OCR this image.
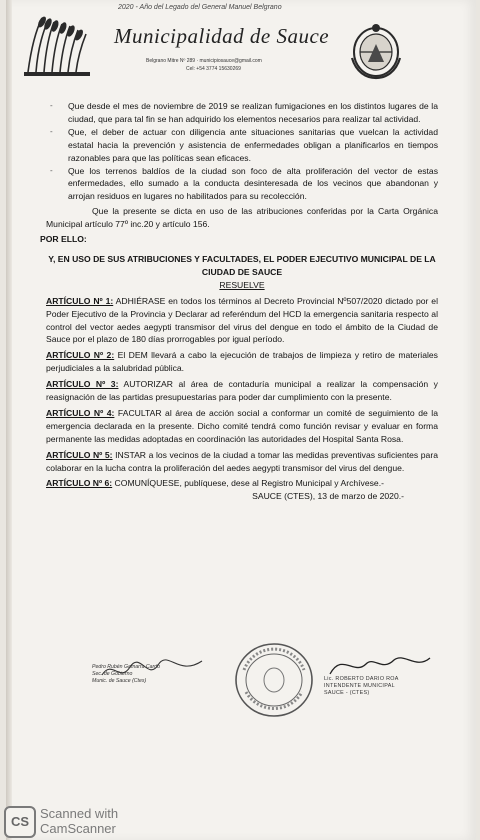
2020 - Año del Legado del General Manuel Belgrano
Municipalidad de Sauce
Belgrano Mitre Nº 289 · municipiosauce@gmail.com
Cel: +54 3774 15630269

- Que desde el mes de noviembre de 2019 se realizan fumigaciones en los distintos lugares de la ciudad, que para tal fin se han adquirido los elementos necesarios para realizar tal actividad.

- Que, el deber de actuar con diligencia ante situaciones sanitarias que vuelcan la actividad estatal hacia la prevención y asistencia de enfermedades obligan a planificarlos en tiempos razonables para que las políticas sean eficaces.

- Que los terrenos baldíos de la ciudad son foco de alta proliferación del vector de estas enfermedades, ello sumado a la conducta desinteresada de los vecinos que abandonan y arrojan residuos en lugares no habilitados para su recolección.

Que la presente se dicta en uso de las atribuciones conferidas por la Carta Orgánica Municipal artículo 77º inc.20 y artículo 156.

POR ELLO:

Y, EN USO DE SUS ATRIBUCIONES Y FACULTADES, EL PODER EJECUTIVO MUNICIPAL DE LA CIUDAD DE SAUCE

RESUELVE

ARTÍCULO Nº 1: ADHIÉRASE en todos los términos al Decreto Provincial Nº507/2020 dictado por el Poder Ejecutivo de la Provincia y Declarar ad referéndum del HCD la emergencia sanitaria respecto al control del vector aedes aegypti transmisor del virus del dengue en todo el ámbito de la Ciudad de Sauce por el plazo de 180 días prorrogables por igual período.

ARTÍCULO Nº 2: El DEM llevará a cabo la ejecución de trabajos de limpieza y retiro de materiales perjudiciales a la salubridad pública.

ARTÍCULO Nº 3: AUTORIZAR al área de contaduría municipal a realizar la compensación y reasignación de las partidas presupuestarias para poder dar cumplimiento con la presente.

ARTÍCULO Nº 4: FACULTAR al área de acción social a conformar un comité de seguimiento de la emergencia declarada en la presente. Dicho comité tendrá como función revisar y evaluar en forma permanente las medidas adoptadas en coordinación las autoridades del Hospital Santa Rosa.

ARTÍCULO Nº 5: INSTAR a los vecinos de la ciudad a tomar las medidas preventivas suficientes para colaborar en la lucha contra la proliferación del aedes aegypti transmisor del virus del dengue.

ARTÍCULO Nº 6: COMUNÍQUESE, publíquese, dese al Registro Municipal y Archívese.-

SAUCE (CTES), 13 de marzo de 2020.-

Pedro Rubén Gamarra Cardo
Sec. de Gobierno
Munic. de Sauce (Ctes)	Lic. ROBERTO DARIO ROA
INTENDENTE MUNICIPAL
SAUCE - (CTES)
CS
Scanned with
CamScanner
